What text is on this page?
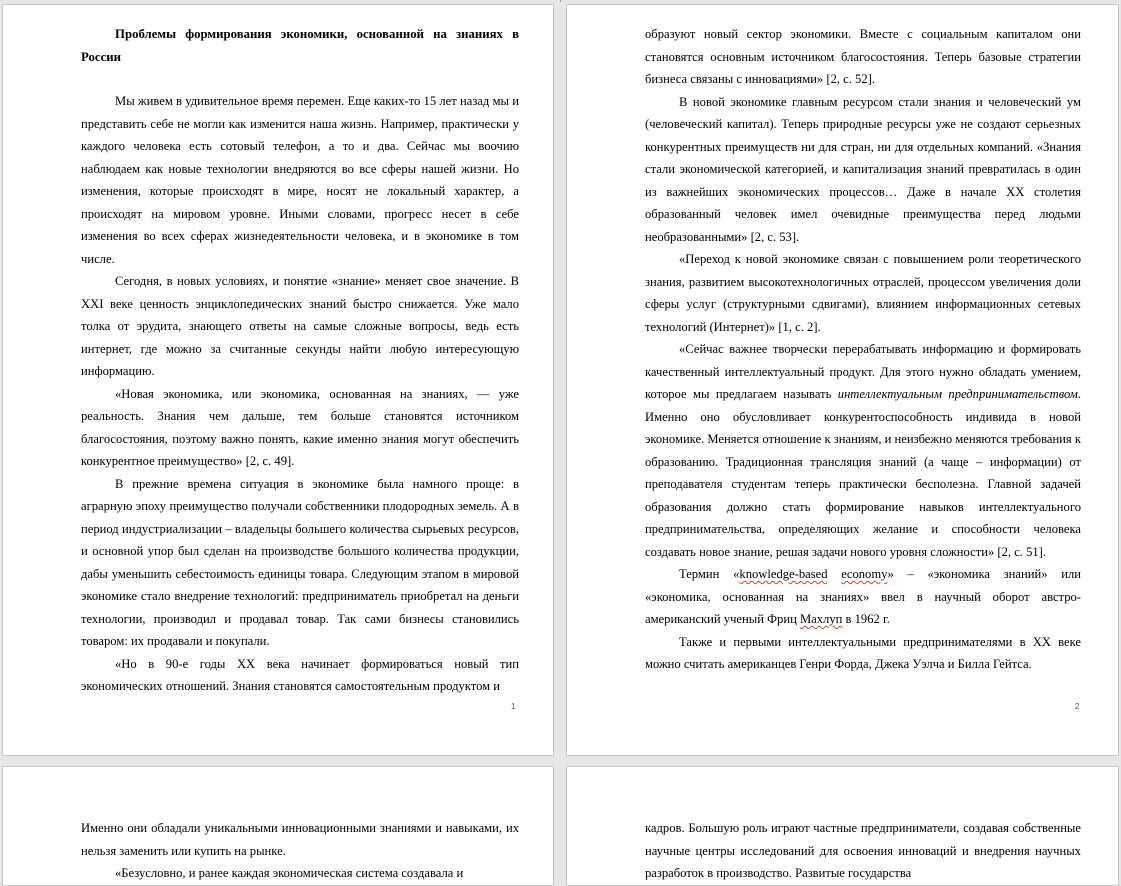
Проблемы формирования экономики, основанной на знаниях в России

Мы живем в удивительное время перемен. Еще каких-то 15 лет назад мы и представить себе не могли как изменится наша жизнь. Например, практически у каждого человека есть сотовый телефон, а то и два. Сейчас мы воочию наблюдаем как новые технологии внедряются во все сферы нашей жизни. Но изменения, которые происходят в мире, носят не локальный характер, а происходят на мировом уровне. Иными словами, прогресс несет в себе изменения во всех сферах жизнедеятельности человека, и в экономике в том числе.

Сегодня, в новых условиях, и понятие «знание» меняет свое значение. В XXI веке ценность энциклопедических знаний быстро снижается. Уже мало толка от эрудита, знающего ответы на самые сложные вопросы, ведь есть интернет, где можно за считанные секунды найти любую интересующую информацию.

«Новая экономика, или экономика, основанная на знаниях, — уже реальность. Знания чем дальше, тем больше становятся источником благосостояния, поэтому важно понять, какие именно знания могут обеспечить конкурентное преимущество» [2, с. 49].

В прежние времена ситуация в экономике была намного проще: в аграрную эпоху преимущество получали собственники плодородных земель. А в период индустриализации – владельцы большего количества сырьевых ресурсов, и основной упор был сделан на производстве большого количества продукции, дабы уменьшить себестоимость единицы товара. Следующим этапом в мировой экономике стало внедрение технологий: предприниматель приобретал на деньги технологии, производил и продавал товар. Так сами бизнесы становились товаром: их продавали и покупали.

«Но в 90-е годы XX века начинает формироваться новый тип экономических отношений. Знания становятся самостоятельным продуктом и

1

образуют новый сектор экономики. Вместе с социальным капиталом они становятся основным источником благосостояния. Теперь базовые стратегии бизнеса связаны с инновациями» [2, с. 52].

В новой экономике главным ресурсом стали знания и человеческий ум (человеческий капитал). Теперь природные ресурсы уже не создают серьезных конкурентных преимуществ ни для стран, ни для отдельных компаний. «Знания стали экономической категорией, и капитализация знаний превратилась в один из важнейших экономических процессов… Даже в начале XX столетия образованный человек имел очевидные преимущества перед людьми необразованными» [2, с. 53].

«Переход к новой экономике связан с повышением роли теоретического знания, развитием высокотехнологичных отраслей, процессом увеличения доли сферы услуг (структурными сдвигами), влиянием информационных сетевых технологий (Интернет)» [1, с. 2].

«Сейчас важнее творчески перерабатывать информацию и формировать качественный интеллектуальный продукт. Для этого нужно обладать умением, которое мы предлагаем называть интеллектуальным предпринимательством. Именно оно обусловливает конкурентоспособность индивида в новой экономике. Меняется отношение к знаниям, и неизбежно меняются требования к образованию. Традиционная трансляция знаний (а чаще – информации) от преподавателя студентам теперь практически бесполезна. Главной задачей образования должно стать формирование навыков интеллектуального предпринимательства, определяющих желание и способности человека создавать новое знание, решая задачи нового уровня сложности» [2, с. 51].

Термин «knowledge-based economy» – «экономика знаний» или «экономика, основанная на знаниях» ввел в научный оборот австро-американский ученый Фриц Махлуп в 1962 г.

Также и первыми интеллектуальными предпринимателями в XX веке можно считать американцев Генри Форда, Джека Уэлча и Билла Гейтса.

2

Именно они обладали уникальными инновационными знаниями и навыками, их нельзя заменить или купить на рынке.

«Безусловно, и ранее каждая экономическая система создавала и

кадров. Большую роль играют частные предприниматели, создавая собственные научные центры исследований для освоения инноваций и внедрения научных разработок в производство. Развитые государства
